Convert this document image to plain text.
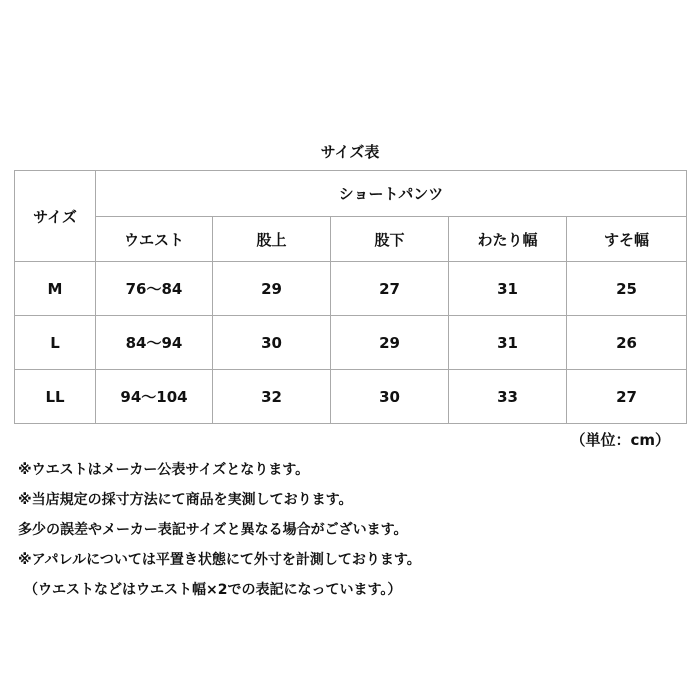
サイズ表
サイズ	ショートパンツ				
	ウエスト	股上	股下	わたり幅	すそ幅
M	76〜84	29	27	31	25
L	84〜94	30	29	31	26
LL	94〜104	32	30	33	27
（単位：cm）
※ウエストはメーカー公表サイズとなります。
※当店規定の採寸方法にて商品を実測しております。
多少の誤差やメーカー表記サイズと異なる場合がございます。
※アパレルについては平置き状態にて外寸を計測しております。
（ウエストなどはウエスト幅×2での表記になっています。）
